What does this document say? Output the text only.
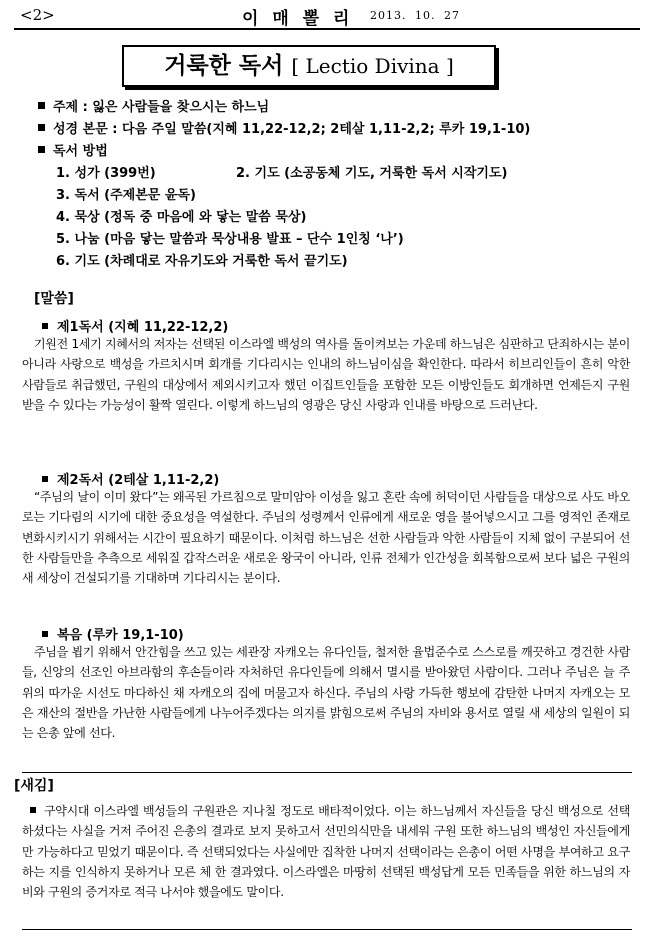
<2>	이 매 뽈 리 2013. 10. 27
거룩한 독서 [ Lectio Divina ]
주제 : 잃은 사람들을 찾으시는 하느님
성경 본문 : 다음 주일 말씀(지혜 11,22-12,2; 2테살 1,11-2,2; 루카 19,1-10)
독서 방법
1. 성가 (399번)	2. 기도 (소공동체 기도, 거룩한 독서 시작기도)
3. 독서 (주제본문 윤독)
4. 묵상 (정독 중 마음에 와 닿는 말씀 묵상)
5. 나눔 (마음 닿는 말씀과 묵상내용 발표 – 단수 1인칭 ‘나’)
6. 기도 (차례대로 자유기도와 거룩한 독서 끝기도)
[말씀]
제1독서 (지혜 11,22-12,2)
기원전 1세기 지혜서의 저자는 선택된 이스라엘 백성의 역사를 돌이켜보는 가운데 하느님은 심판하고 단죄하시는 분이 아니라 사랑으로 백성을 가르치시며 회개를 기다리시는 인내의 하느님이심을 확인한다. 따라서 히브리인들이 흔히 악한 사람들로 취급했던, 구원의 대상에서 제외시키고자 했던 이집트인들을 포함한 모든 이방인들도 회개하면 언제든지 구원받을 수 있다는 가능성이 활짝 열린다. 이렇게 하느님의 영광은 당신 사랑과 인내를 바탕으로 드러난다.
제2독서 (2테살 1,11-2,2)
“주님의 날이 이미 왔다”는 왜곡된 가르침으로 말미암아 이성을 잃고 혼란 속에 허덕이던 사람들을 대상으로 사도 바오로는 기다림의 시기에 대한 중요성을 역설한다. 주님의 성령께서 인류에게 새로운 영을 불어넣으시고 그를 영적인 존재로 변화시키시기 위해서는 시간이 필요하기 때문이다. 이처럼 하느님은 선한 사람들과 악한 사람들이 지체 없이 구분되어 선한 사람들만을 추측으로 세워질 갑작스러운 새로운 왕국이 아니라, 인류 전체가 인간성을 회복함으로써 보다 넓은 구원의 새 세상이 건설되기를 기대하며 기다리시는 분이다.
복음 (루카 19,1-10)
주님을 뵙기 위해서 안간힘을 쓰고 있는 세관장 자캐오는 유다인들, 철저한 율법준수로 스스로를 깨끗하고 경건한 사람들, 신앙의 선조인 아브라함의 후손들이라 자처하던 유다인들에 의해서 멸시를 받아왔던 사람이다. 그러나 주님은 늘 주위의 따가운 시선도 마다하신 채 자캐오의 집에 머물고자 하신다. 주님의 사랑 가득한 행보에 감탄한 나머지 자캐오는 모은 재산의 절반을 가난한 사람들에게 나누어주겠다는 의지를 밝힘으로써 주님의 자비와 용서로 열릴 새 세상의 일원이 되는 은총 앞에 선다.
[새김]
구약시대 이스라엘 백성들의 구원관은 지나칠 정도로 배타적이었다. 이는 하느님께서 자신들을 당신 백성으로 선택하셨다는 사실을 거저 주어진 은총의 결과로 보지 못하고서 선민의식만을 내세워 구원 또한 하느님의 백성인 자신들에게만 가능하다고 믿었기 때문이다. 즉 선택되었다는 사실에만 집착한 나머지 선택이라는 은총이 어떤 사명을 부여하고 요구하는 지를 인식하지 못하거나 모른 체 한 결과였다. 이스라엘은 마땅히 선택된 백성답게 모든 민족들을 위한 하느님의 자비와 구원의 증거자로 적극 나서야 했을에도 말이다.
